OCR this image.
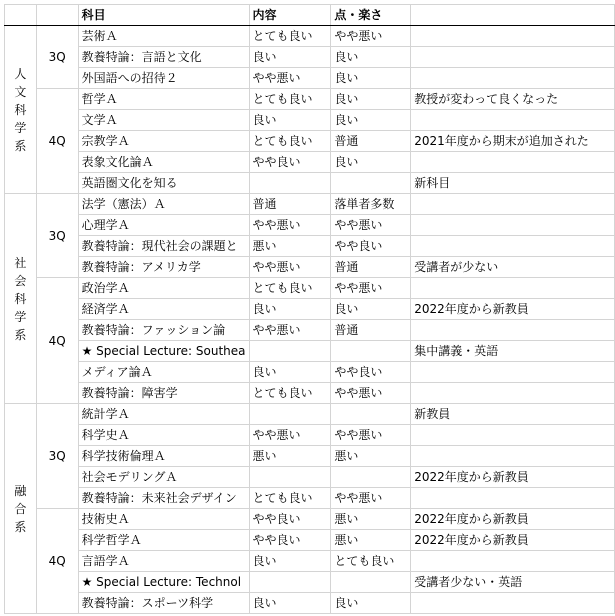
		科目	内容	点・楽さ	

人
文
科
学
系	3Q	芸術Ａ	とても良い	やや悪い	
		教養特論：言語と文化	良い	良い	
		外国語への招待２	やや悪い	良い	
	4Q	哲学Ａ	とても良い	良い	教授が変わって良くなった
		文学Ａ	良い	良い	
		宗教学Ａ	とても良い	普通	2021年度から期末が追加された
		表象文化論Ａ	やや良い	良い	
		英語圏文化を知る			新科目

社
会
科
学
系	3Q	法学（憲法）Ａ	普通	落単者多数	
		心理学Ａ	やや悪い	やや悪い	
		教養特論：現代社会の課題と	悪い	やや良い	
		教養特論：アメリカ学	やや悪い	普通	受講者が少ない
	4Q	政治学Ａ	とても良い	やや悪い	
		経済学Ａ	良い	良い	2022年度から新教員
		教養特論：ファッション論	やや悪い	普通	
		★ Special Lecture: Southea			集中講義・英語
		メディア論Ａ	良い	やや良い	
		教養特論：障害学	とても良い	やや悪い	

融
合
系	3Q	統計学Ａ			新教員
		科学史Ａ	やや悪い	やや悪い	
		科学技術倫理Ａ	悪い	悪い	
		社会モデリングＡ			2022年度から新教員
		教養特論：未来社会デザイン	とても良い	やや悪い	
	4Q	技術史Ａ	やや良い	悪い	2022年度から新教員
		科学哲学Ａ	やや良い	悪い	2022年度から新教員
		言語学Ａ	良い	とても良い	
		★ Special Lecture: Technol			受講者少ない・英語
		教養特論：スポーツ科学	良い	良い	
